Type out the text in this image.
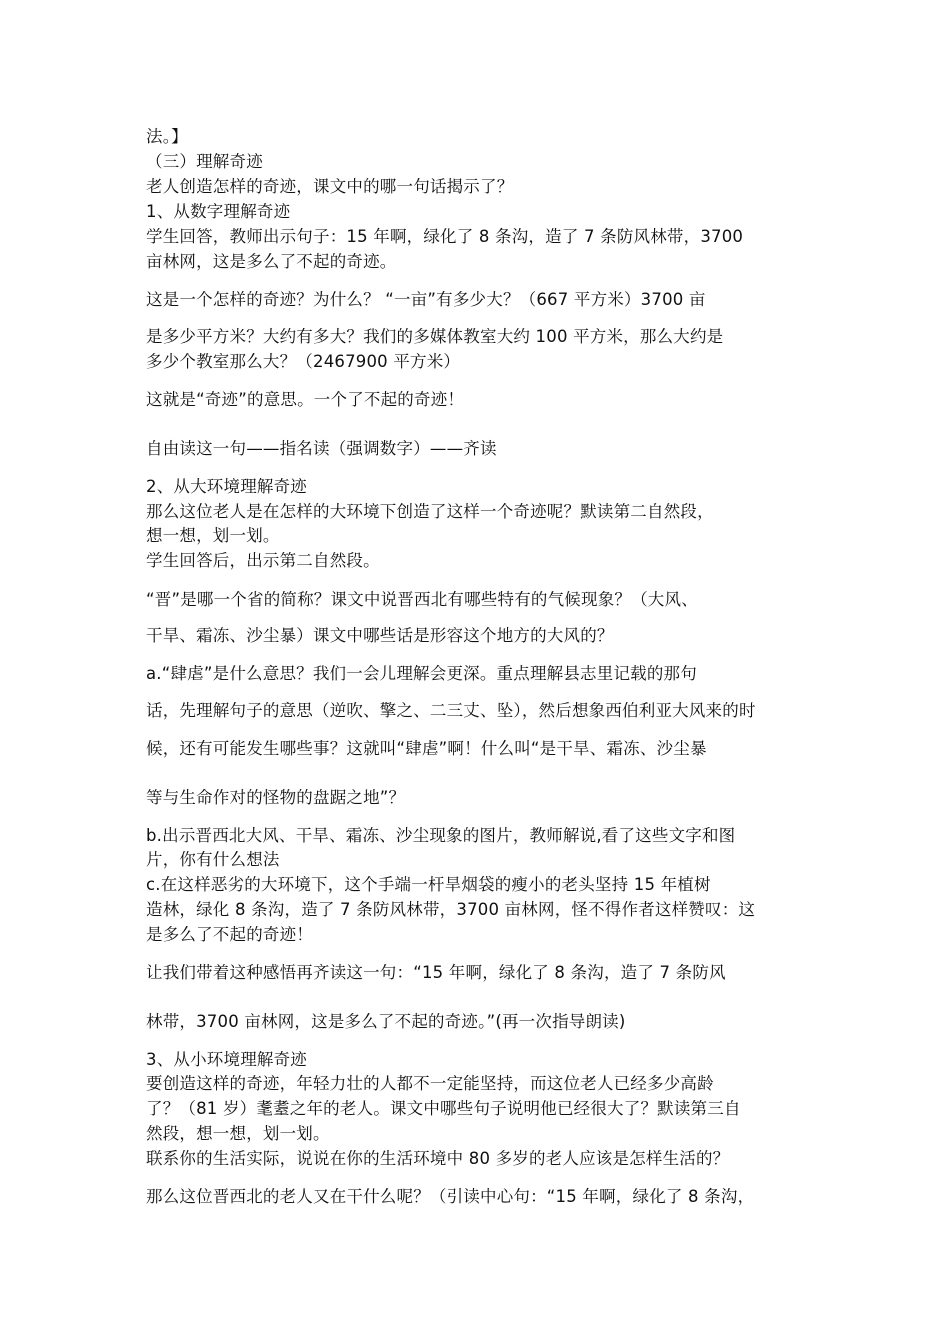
法。】

（三）理解奇迹

老人创造怎样的奇迹，课文中的哪一句话揭示了？

1、从数字理解奇迹

学生回答，教师出示句子：15 年啊，绿化了 8 条沟，造了 7 条防风林带，3700

亩林网，这是多么了不起的奇迹。

这是一个怎样的奇迹？为什么？ “一亩”有多少大？（667 平方米）3700 亩

是多少平方米？大约有多大？我们的多媒体教室大约 100 平方米，那么大约是

多少个教室那么大？（2467900 平方米）

这就是“奇迹”的意思。一个了不起的奇迹！

自由读这一句——指名读（强调数字）——齐读

2、从大环境理解奇迹

那么这位老人是在怎样的大环境下创造了这样一个奇迹呢？默读第二自然段，

想一想，划一划。

学生回答后，出示第二自然段。

“晋”是哪一个省的简称？课文中说晋西北有哪些特有的气候现象？（大风、

干旱、霜冻、沙尘暴）课文中哪些话是形容这个地方的大风的？

a.“肆虐”是什么意思？我们一会儿理解会更深。重点理解县志里记载的那句

话，先理解句子的意思（逆吹、擎之、二三丈、坠），然后想象西伯利亚大风来的时

候，还有可能发生哪些事？这就叫“肆虐”啊！什么叫“是干旱、霜冻、沙尘暴

等与生命作对的怪物的盘踞之地”？

b.出示晋西北大风、干旱、霜冻、沙尘现象的图片，教师解说,看了这些文字和图

片，你有什么想法

c.在这样恶劣的大环境下，这个手端一杆旱烟袋的瘦小的老头坚持 15 年植树

造林，绿化 8 条沟，造了 7 条防风林带，3700 亩林网，怪不得作者这样赞叹：这

是多么了不起的奇迹！

让我们带着这种感悟再齐读这一句：“15 年啊，绿化了 8 条沟，造了 7 条防风

林带，3700 亩林网，这是多么了不起的奇迹。”(再一次指导朗读)

3、从小环境理解奇迹

要创造这样的奇迹，年轻力壮的人都不一定能坚持，而这位老人已经多少高龄

了？（81 岁）耄耋之年的老人。课文中哪些句子说明他已经很大了？默读第三自

然段，想一想，划一划。

联系你的生活实际，说说在你的生活环境中 80 多岁的老人应该是怎样生活的？

那么这位晋西北的老人又在干什么呢？（引读中心句：“15 年啊，绿化了 8 条沟，
